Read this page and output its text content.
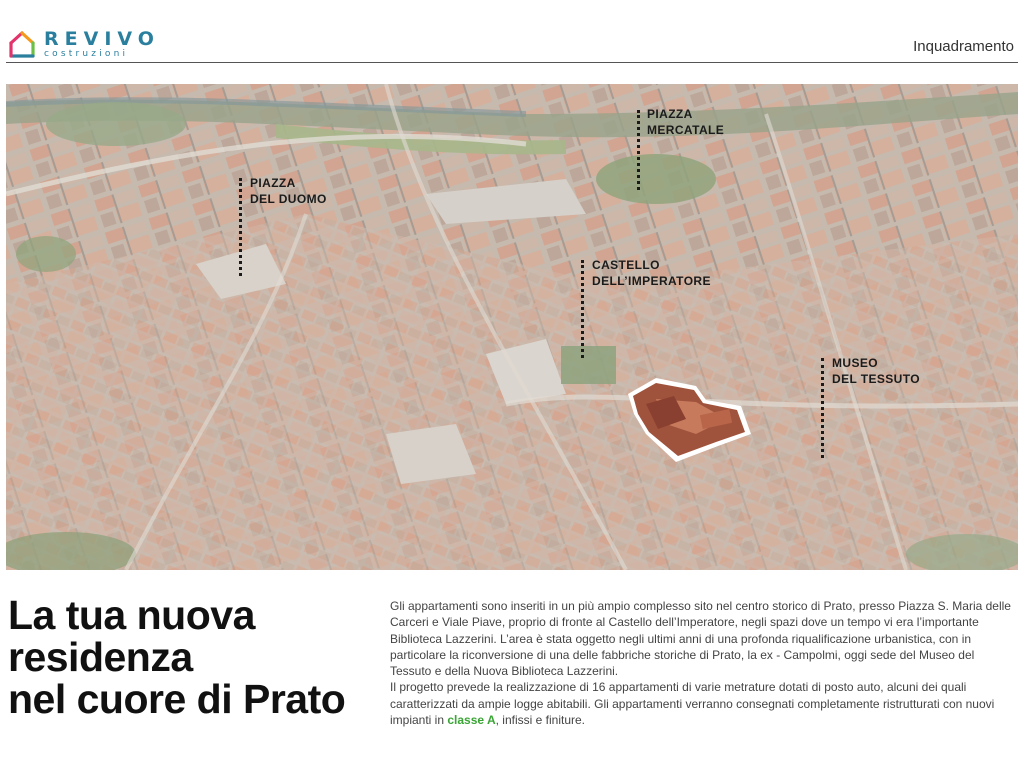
REVIVO
costruzioni	Inquadramento
PIAZZA
MERCATALE
PIAZZA
DEL DUOMO
CASTELLO
DELL’IMPERATORE
MUSEO
DEL TESSUTO
La tua nuova
residenza
nel cuore di Prato

Gli appartamenti sono inseriti in un più ampio complesso sito nel centro storico di Prato, presso Piazza S. Maria delle Carceri e Viale Piave, proprio di fronte al Castello dell’Imperatore, negli spazi dove un tempo vi era l’importante Biblioteca Lazzerini. L’area è stata oggetto negli ultimi anni di una profonda riqualificazione urbanistica, con in particolare la riconversione di una delle fabbriche storiche di Prato, la ex - Campolmi, oggi sede del Museo del Tessuto e della Nuova Biblioteca Lazzerini.

Il progetto prevede la realizzazione di 16 appartamenti di varie metrature dotati di posto auto, alcuni dei quali caratterizzati da ampie logge abitabili. Gli appartamenti verranno consegnati completamente ristrutturati con nuovi impianti in classe A, infissi e finiture.
